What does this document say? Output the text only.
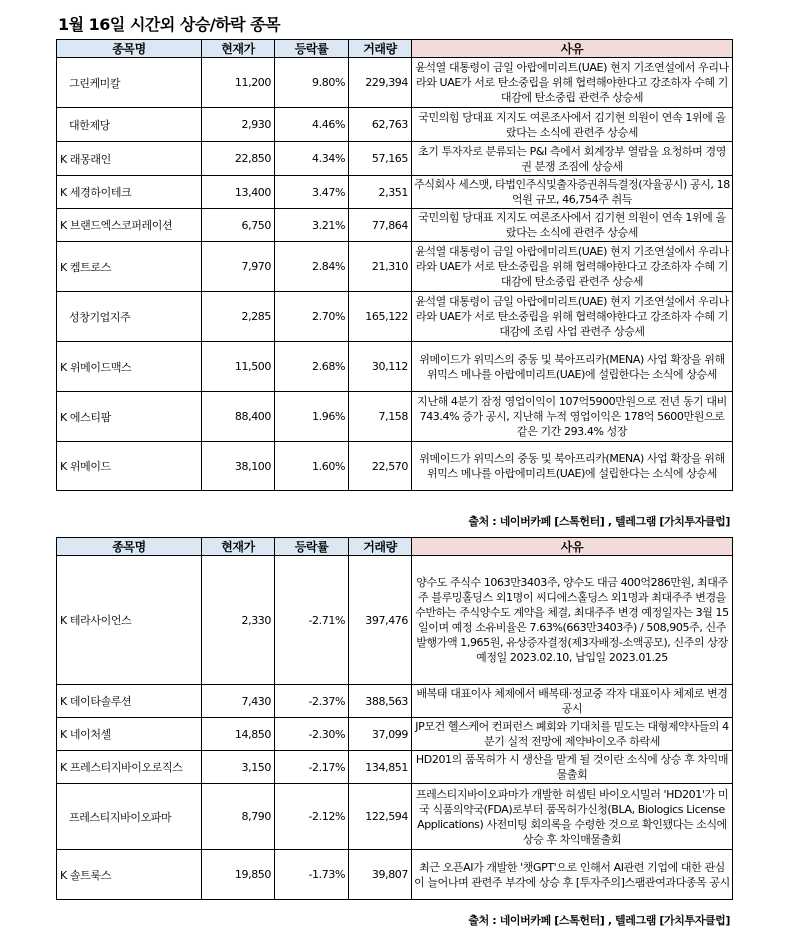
1월 16일 시간외 상승/하락 종목
종목명	현재가	등락률	거래량	사유
그린케미칼	11,200	9.80%	229,394	윤석열 대통령이 금일 아랍에미리트(UAE) 현지 기조연설에서 우리나라와 UAE가 서로 탄소중립을 위해 협력해야한다고 강조하자 수혜 기대감에 탄소중립 관련주 상승세
대한제당	2,930	4.46%	62,763	국민의힘 당대표 지지도 여론조사에서 김기현 의원이 연속 1위에 올랐다는 소식에 관련주 상승세
K 래몽래인	22,850	4.34%	57,165	초기 투자자로 분류되는 P&I 측에서 회계장부 열람을 요청하며 경영권 분쟁 조짐에 상승세
K 세경하이테크	13,400	3.47%	2,351	주식회사 세스맷, 타법인주식및출자증권취득결정(자율공시) 공시, 18억원 규모, 46,754주 취득
K 브랜드엑스코퍼레이션	6,750	3.21%	77,864	국민의힘 당대표 지지도 여론조사에서 김기현 의원이 연속 1위에 올랐다는 소식에 관련주 상승세
K 켐트로스	7,970	2.84%	21,310	윤석열 대통령이 금일 아랍에미리트(UAE) 현지 기조연설에서 우리나라와 UAE가 서로 탄소중립을 위해 협력해야한다고 강조하자 수혜 기대감에 탄소중립 관련주 상승세
성창기업지주	2,285	2.70%	165,122	윤석열 대통령이 금일 아랍에미리트(UAE) 현지 기조연설에서 우리나라와 UAE가 서로 탄소중립을 위해 협력해야한다고 강조하자 수혜 기대감에 조림 사업 관련주 상승세
K 위메이드맥스	11,500	2.68%	30,112	위메이드가 위믹스의 중동 및 북아프리카(MENA) 사업 확장을 위해 위믹스 메나를 아랍에미리트(UAE)에 설립한다는 소식에 상승세
K 에스티팜	88,400	1.96%	7,158	지난해 4분기 잠정 영업이익이 107억5900만원으로 전년 동기 대비 743.4% 증가 공시, 지난해 누적 영업이익은 178억 5600만원으로 같은 기간 293.4% 성장
K 위메이드	38,100	1.60%	22,570	위메이드가 위믹스의 중동 및 북아프리카(MENA) 사업 확장을 위해 위믹스 메나를 아랍에미리트(UAE)에 설립한다는 소식에 상승세
출처 : 네이버카페 [스톡헌터] , 텔레그램 [가치투자클럽]
종목명	현재가	등락률	거래량	사유
K 테라사이언스	2,330	-2.71%	397,476	양수도 주식수 1063만3403주, 양수도 대금 400억286만원, 최대주주 블루밍홀딩스 외1명이 씨디에스홀딩스 외1명과 최대주주 변경을 수반하는 주식양수도 계약을 체결, 최대주주 변경 예정일자는 3월 15일이며 예정 소유비율은 7.63%(663만3403주) / 508,905주, 신주 발행가액 1,965원, 유상증자결정(제3자배정-소액공모), 신주의 상장 예정일 2023.02.10, 납입일 2023.01.25
K 데이타솔루션	7,430	-2.37%	388,563	배복태 대표이사 체제에서 배복태·정교중 각자 대표이사 체제로 변경 공시
K 네이처셀	14,850	-2.30%	37,099	JP모건 헬스케어 컨퍼런스 폐회와 기대치를 밑도는 대형제약사들의 4분기 실적 전망에 제약바이오주 하락세
K 프레스티지바이오로직스	3,150	-2.17%	134,851	HD201의 품목허가 시 생산을 맡게 될 것이란 소식에 상승 후 차익매물출회
프레스티지바이오파마	8,790	-2.12%	122,594	프레스티지바이오파마가 개발한 허셉틴 바이오시밀러 'HD201'가 미국 식품의약국(FDA)로부터 품목허가신청(BLA, Biologics License Applications) 사전미팅 회의록을 수령한 것으로 확인됐다는 소식에 상승 후 차익매물출회
K 솔트룩스	19,850	-1.73%	39,807	최근 오픈AI가 개발한 '챗GPT'으로 인해서 AI관련 기업에 대한 관심이 늘어나며 관련주 부각에 상승 후 [투자주의]스팸관여과다종목 공시
출처 : 네이버카페 [스톡헌터] , 텔레그램 [가치투자클럽]
